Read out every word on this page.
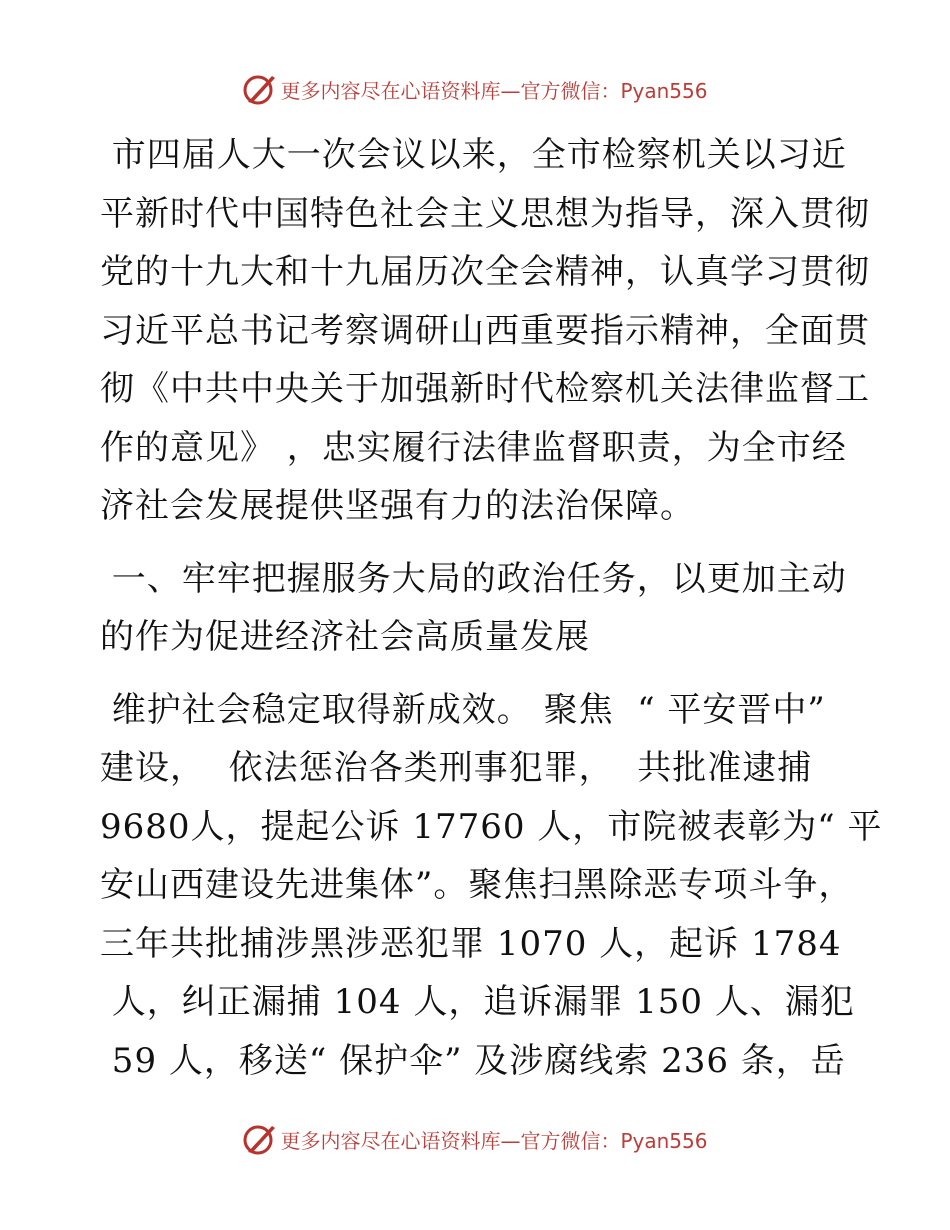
更多内容尽在心语资料库—官方微信：Pyan556
市四届人大一次会议以来，全市检察机关以习近
平新时代中国特色社会主义思想为指导，深入贯彻
党的十九大和十九届历次全会精神，认真学习贯彻
习近平总书记考察调研山西重要指示精神，全面贯
彻《中共中央关于加强新时代检察机关法律监督工
作的意见》 ，忠实履行法律监督职责，为全市经
济社会发展提供坚强有力的法治保障。
一、牢牢把握服务大局的政治任务，以更加主动
的作为促进经济社会高质量发展
维护社会稳定取得新成效。 聚焦  “ 平安晋中”
建设，  依法惩治各类刑事犯罪，  共批准逮捕
9680人，提起公诉 17760 人，市院被表彰为“ 平
安山西建设先进集体”。聚焦扫黑除恶专项斗争，
三年共批捕涉黑涉恶犯罪 1070 人，起诉 1784
人，纠正漏捕 104 人，追诉漏罪 150 人、漏犯
59 人，移送“ 保护伞” 及涉腐线索 236 条，岳
更多内容尽在心语资料库—官方微信：Pyan556
